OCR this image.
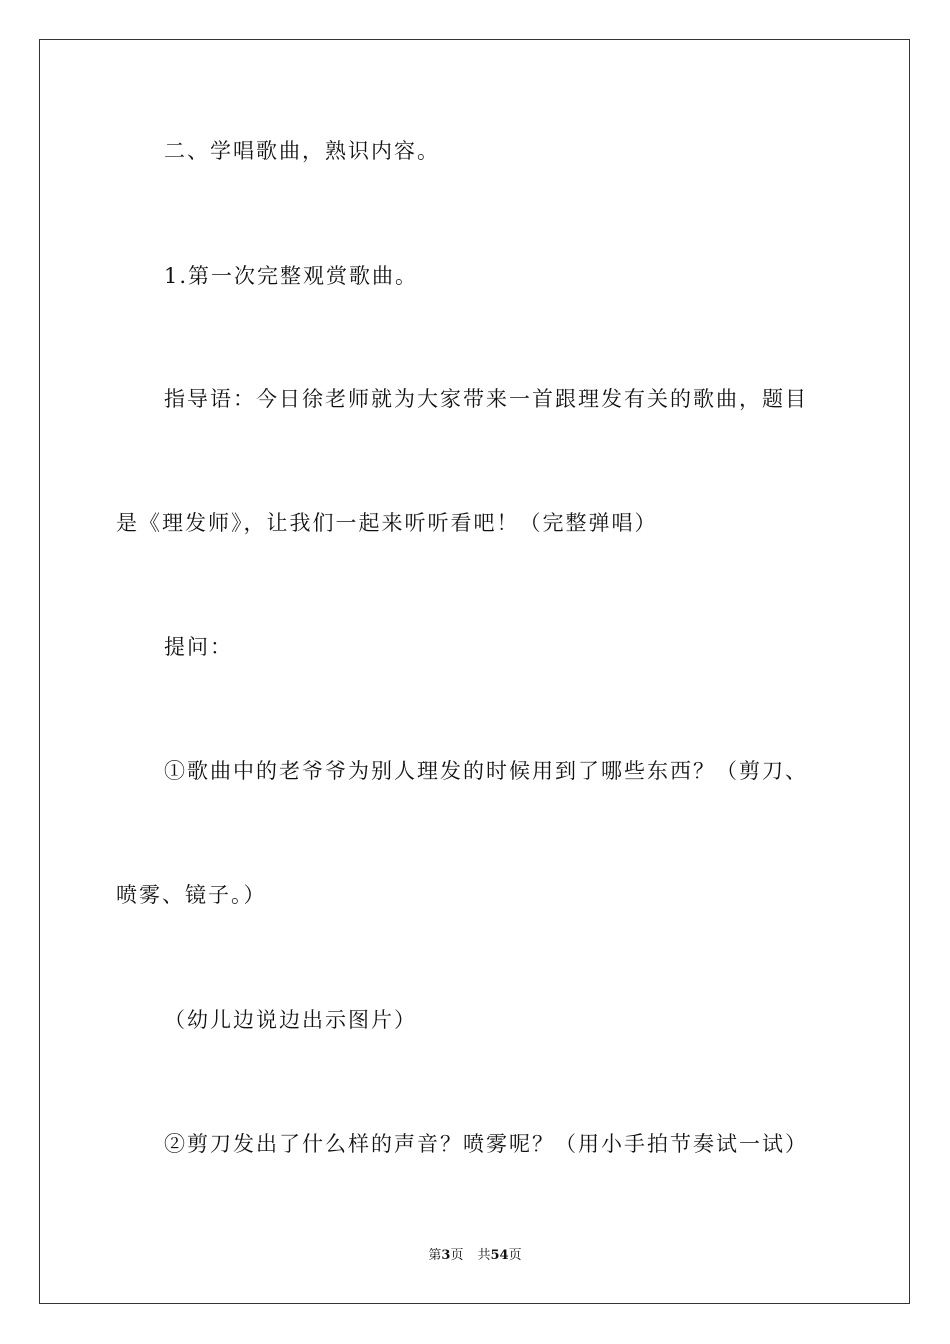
二、学唱歌曲，熟识内容。
1.第一次完整观赏歌曲。
指导语：今日徐老师就为大家带来一首跟理发有关的歌曲，题目
是《理发师》，让我们一起来听听看吧！（完整弹唱）
提问：
①歌曲中的老爷爷为别人理发的时候用到了哪些东西？（剪刀、
喷雾、镜子。）
（幼儿边说边出示图片）
②剪刀发出了什么样的声音？喷雾呢？（用小手拍节奏试一试）
第3页 共54页
